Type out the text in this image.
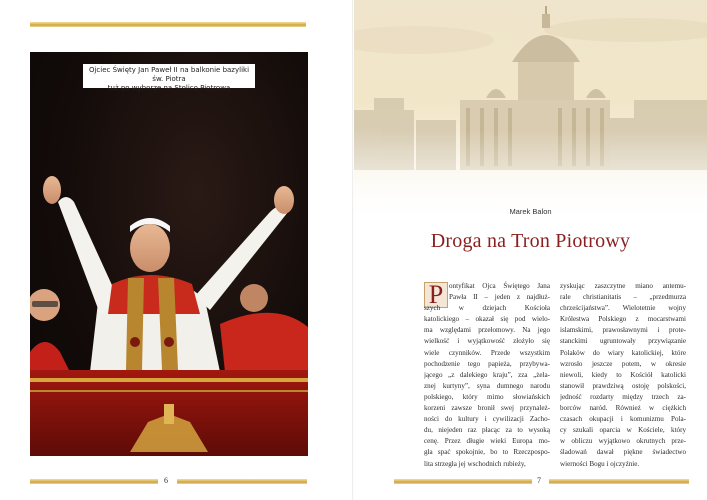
Ojciec Święty Jan Paweł II na balkonie bazyliki św. Piotra
tuż po wyborze na Stolicę Piotrową
6
Marek Balon
Droga na Tron Piotrowy
P ontyfikat Ojca Świętego Jana
Pawła II – jeden z najdłuż-
szych w dziejach Kościoła
katolickiego – okazał się pod wielo-
ma względami przełomowy. Na jego
wielkość i wyjątkowość złożyło się
wiele czynników. Przede wszystkim
pochodzenie tego papieża, przybywa-
jącego „z dalekiego kraju”, zza „żela-
znej kurtyny”, syna dumnego narodu
polskiego, który mimo słowiańskich
korzeni zawsze bronił swej przynależ-
ności do kultury i cywilizacji Zacho-
du, niejeden raz płacąc za to wysoką
cenę. Przez długie wieki Europa mo-
gła spać spokojnie, bo to Rzeczpospo-
lita strzegła jej wschodnich rubieży,
zyskując zaszczytne miano antemu-
rale christianitatis – „przedmurza
chrześcijaństwa”. Wielotetnie wojny
Królestwa Polskiego z mocarstwami
islamskimi, prawosławnymi i prote-
stanckimi ugruntowały przywiązanie
Polaków do wiary katolickiej, które
wzrosło jeszcze potem, w okresie
niewoli, kiedy to Kościół katolicki
stanowił prawdziwą ostoję polskości,
jedność rozdarty między trzech za-
borców naród. Również w ciężkich
czasach okupacji i komunizmu Pola-
cy szukali oparcia w Kościele, który
w obliczu wyjątkowo okrutnych prze-
śladowań dawał piękne świadectwo
wierności Bogu i ojczyźnie.
7
